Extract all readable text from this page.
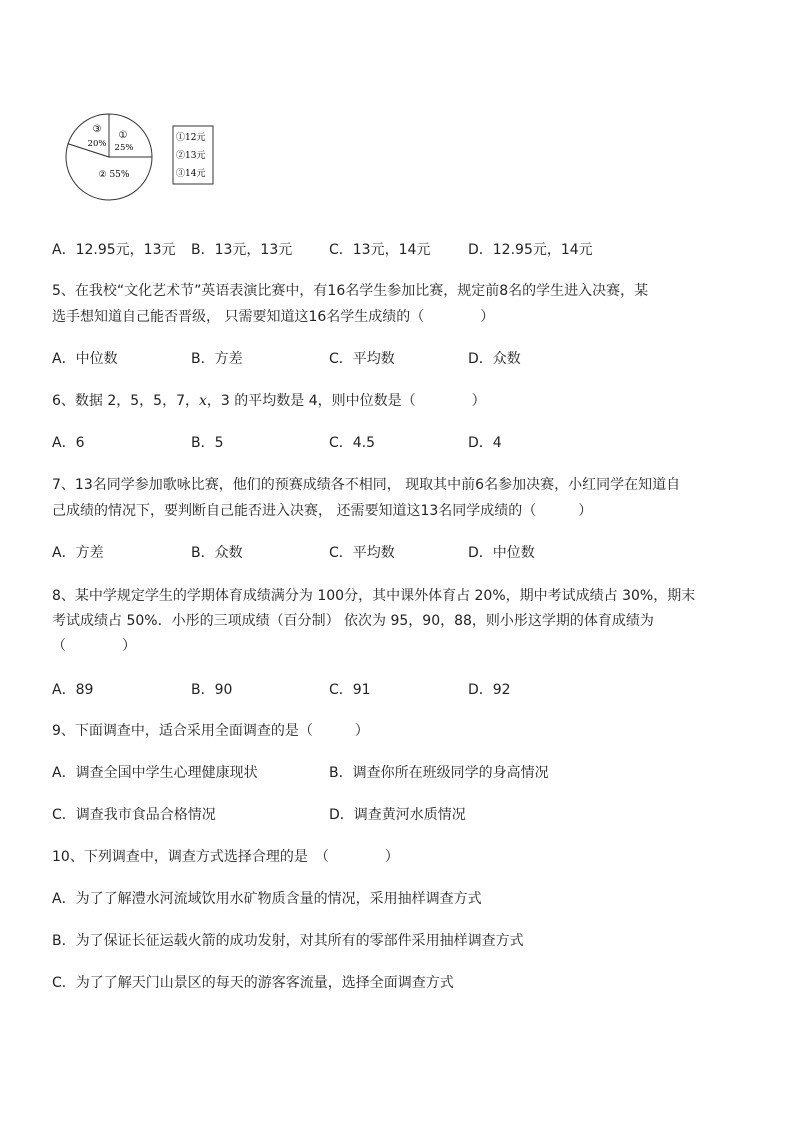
①
25%
③
20%
② 55%
①12元
②13元
③14元
A．12.95元，13元 B．13元，13元	C．13元，14元	D．12.95元，14元
5、在我校“文化艺术节”英语表演比赛中，有16名学生参加比赛，规定前8名的学生进入决赛，某
选手想知道自己能否晋级， 只需要知道这16名学生成绩的（　　　　）
A．中位数	B．方差	C．平均数	D．众数
6、数据 2，5，5，7，x，3 的平均数是 4，则中位数是（　　　　）
A．6	B．5	C．4.5	D．4
7、13名同学参加歌咏比赛，他们的预赛成绩各不相同， 现取其中前6名参加决赛，小红同学在知道自
己成绩的情况下，要判断自己能否进入决赛， 还需要知道这13名同学成绩的（　　　）
A．方差	B．众数	C．平均数	D．中位数
8、某中学规定学生的学期体育成绩满分为 100分，其中课外体育占 20%，期中考试成绩占 30%，期末
考试成绩占 50%．小彤的三项成绩（百分制） 依次为 95，90，88，则小彤这学期的体育成绩为
（　　　　）
A．89	B．90	C．91	D．92
9、下面调查中，适合采用全面调查的是（　　　）
A．调查全国中学生心理健康现状	B．调查你所在班级同学的身高情况
C．调查我市食品合格情况	D．调查黄河水质情况
10、下列调查中，调查方式选择合理的是　（　　　　）
A．为了了解澧水河流域饮用水矿物质含量的情况，采用抽样调查方式
B．为了保证长征运载火箭的成功发射，对其所有的零部件采用抽样调查方式
C．为了了解天门山景区的每天的游客客流量，选择全面调查方式
